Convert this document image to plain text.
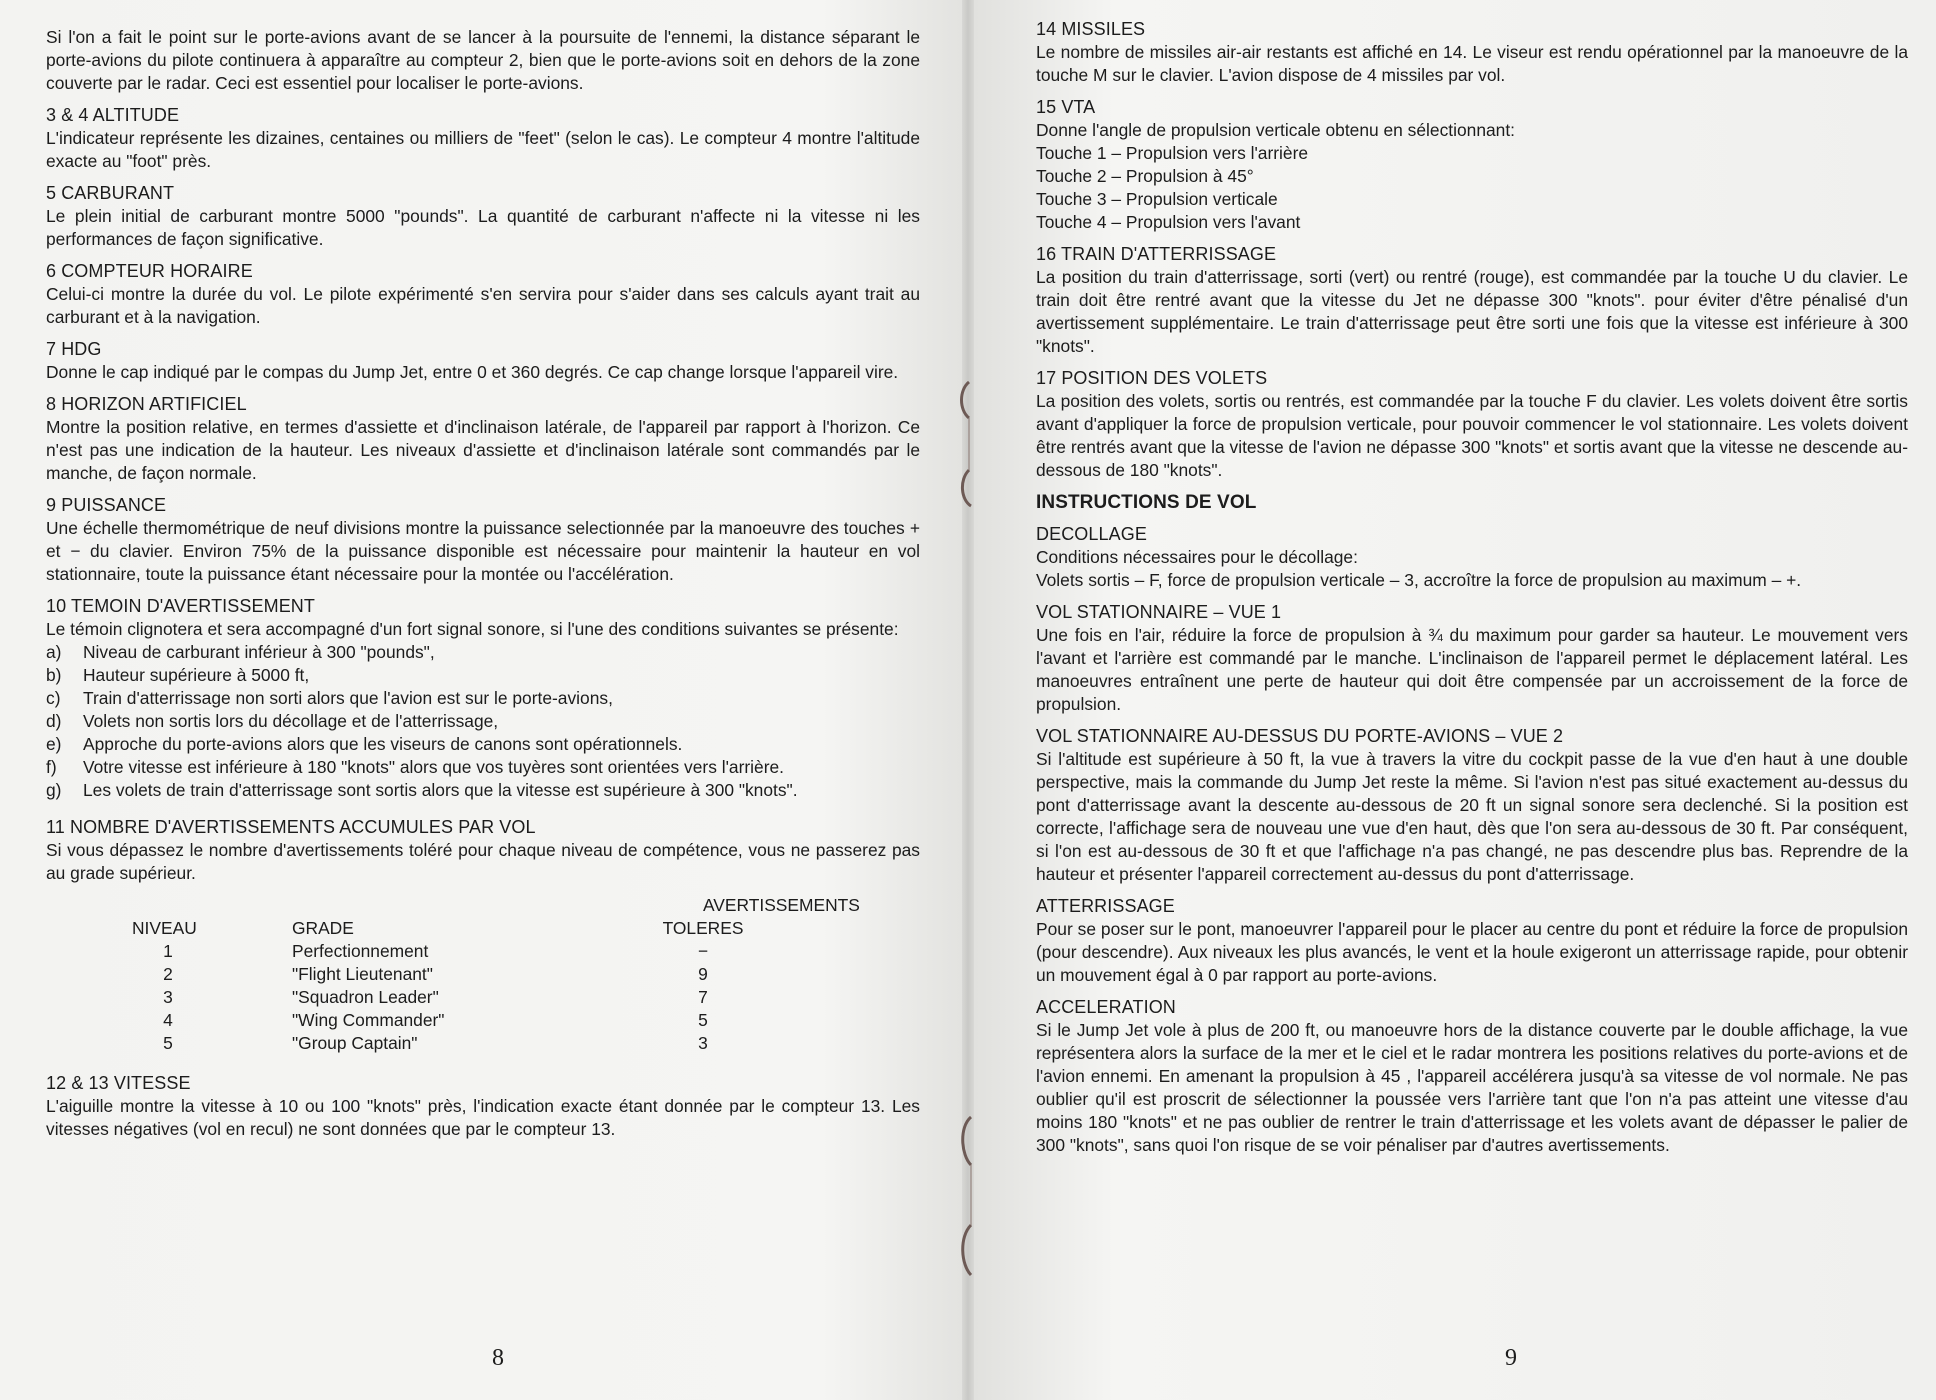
Si l'on a fait le point sur le porte-avions avant de se lancer à la poursuite de l'ennemi, la distance séparant le porte-avions du pilote continuera à apparaître au compteur 2, bien que le porte-avions soit en dehors de la zone couverte par le radar. Ceci est essentiel pour localiser le porte-avions.

3 & 4 ALTITUDE

L'indicateur représente les dizaines, centaines ou milliers de "feet" (selon le cas). Le compteur 4 montre l'altitude exacte au "foot" près.

5 CARBURANT

Le plein initial de carburant montre 5000 "pounds". La quantité de carburant n'affecte ni la vitesse ni les performances de façon significative.

6 COMPTEUR HORAIRE

Celui-ci montre la durée du vol. Le pilote expérimenté s'en servira pour s'aider dans ses calculs ayant trait au carburant et à la navigation.

7 HDG

Donne le cap indiqué par le compas du Jump Jet, entre 0 et 360 degrés. Ce cap change lorsque l'appareil vire.

8 HORIZON ARTIFICIEL

Montre la position relative, en termes d'assiette et d'inclinaison latérale, de l'appareil par rapport à l'horizon. Ce n'est pas une indication de la hauteur. Les niveaux d'assiette et d'inclinaison latérale sont commandés par le manche, de façon normale.

9 PUISSANCE

Une échelle thermométrique de neuf divisions montre la puissance selectionnée par la manoeuvre des touches + et − du clavier. Environ 75% de la puissance disponible est nécessaire pour maintenir la hauteur en vol stationnaire, toute la puissance étant nécessaire pour la montée ou l'accélération.

10 TEMOIN D'AVERTISSEMENT

Le témoin clignotera et sera accompagné d'un fort signal sonore, si l'une des conditions suivantes se présente:

a) Niveau de carburant inférieur à 300 "pounds",
b) Hauteur supérieure à 5000 ft,
c) Train d'atterrissage non sorti alors que l'avion est sur le porte-avions,
d) Volets non sortis lors du décollage et de l'atterrissage,
e) Approche du porte-avions alors que les viseurs de canons sont opérationnels.
f) Votre vitesse est inférieure à 180 "knots" alors que vos tuyères sont orientées vers l'arrière.
g) Les volets de train d'atterrissage sont sortis alors que la vitesse est supérieure à 300 "knots".
11 NOMBRE D'AVERTISSEMENTS ACCUMULES PAR VOL

Si vous dépassez le nombre d'avertissements toléré pour chaque niveau de compétence, vous ne passerez pas au grade supérieur.

AVERTISSEMENTS
NIVEAU	GRADE	TOLERES
1	Perfectionnement	−
2	"Flight Lieutenant"	9
3	"Squadron Leader"	7
4	"Wing Commander"	5
5	"Group Captain"	3
12 & 13 VITESSE

L'aiguille montre la vitesse à 10 ou 100 "knots" près, l'indication exacte étant donnée par le compteur 13. Les vitesses négatives (vol en recul) ne sont données que par le compteur 13.

8
14 MISSILES

Le nombre de missiles air-air restants est affiché en 14. Le viseur est rendu opérationnel par la manoeuvre de la touche M sur le clavier. L'avion dispose de 4 missiles par vol.

15 VTA

Donne l'angle de propulsion verticale obtenu en sélectionnant:

Touche 1 – Propulsion vers l'arrière
Touche 2 – Propulsion à 45°
Touche 3 – Propulsion verticale
Touche 4 – Propulsion vers l'avant
16 TRAIN D'ATTERRISSAGE

La position du train d'atterrissage, sorti (vert) ou rentré (rouge), est commandée par la touche U du clavier. Le train doit être rentré avant que la vitesse du Jet ne dépasse 300 "knots". pour éviter d'être pénalisé d'un avertissement supplémentaire. Le train d'atterrissage peut être sorti une fois que la vitesse est inférieure à 300 "knots".

17 POSITION DES VOLETS

La position des volets, sortis ou rentrés, est commandée par la touche F du clavier. Les volets doivent être sortis avant d'appliquer la force de propulsion verticale, pour pouvoir commencer le vol stationnaire. Les volets doivent être rentrés avant que la vitesse de l'avion ne dépasse 300 "knots" et sortis avant que la vitesse ne descende au-dessous de 180 "knots".

INSTRUCTIONS DE VOL
DECOLLAGE

Conditions nécessaires pour le décollage:

Volets sortis – F, force de propulsion verticale – 3, accroître la force de propulsion au maximum – +.

VOL STATIONNAIRE – VUE 1

Une fois en l'air, réduire la force de propulsion à ¾ du maximum pour garder sa hauteur. Le mouvement vers l'avant et l'arrière est commandé par le manche. L'inclinaison de l'appareil permet le déplacement latéral. Les manoeuvres entraînent une perte de hauteur qui doit être compensée par un accroissement de la force de propulsion.

VOL STATIONNAIRE AU-DESSUS DU PORTE-AVIONS – VUE 2

Si l'altitude est supérieure à 50 ft, la vue à travers la vitre du cockpit passe de la vue d'en haut à une double perspective, mais la commande du Jump Jet reste la même. Si l'avion n'est pas situé exactement au-dessus du pont d'atterrissage avant la descente au-dessous de 20 ft un signal sonore sera declenché. Si la position est correcte, l'affichage sera de nouveau une vue d'en haut, dès que l'on sera au-dessous de 30 ft. Par conséquent, si l'on est au-dessous de 30 ft et que l'affichage n'a pas changé, ne pas descendre plus bas. Reprendre de la hauteur et présenter l'appareil correctement au-dessus du pont d'atterrissage.

ATTERRISSAGE

Pour se poser sur le pont, manoeuvrer l'appareil pour le placer au centre du pont et réduire la force de propulsion (pour descendre). Aux niveaux les plus avancés, le vent et la houle exigeront un atterrissage rapide, pour obtenir un mouvement égal à 0 par rapport au porte-avions.

ACCELERATION

Si le Jump Jet vole à plus de 200 ft, ou manoeuvre hors de la distance couverte par le double affichage, la vue représentera alors la surface de la mer et le ciel et le radar montrera les positions relatives du porte-avions et de l'avion ennemi. En amenant la propulsion à 45 , l'appareil accélérera jusqu'à sa vitesse de vol normale. Ne pas oublier qu'il est proscrit de sélectionner la poussée vers l'arrière tant que l'on n'a pas atteint une vitesse d'au moins 180 "knots" et ne pas oublier de rentrer le train d'atterrissage et les volets avant de dépasser le palier de 300 "knots", sans quoi l'on risque de se voir pénaliser par d'autres avertissements.

9
